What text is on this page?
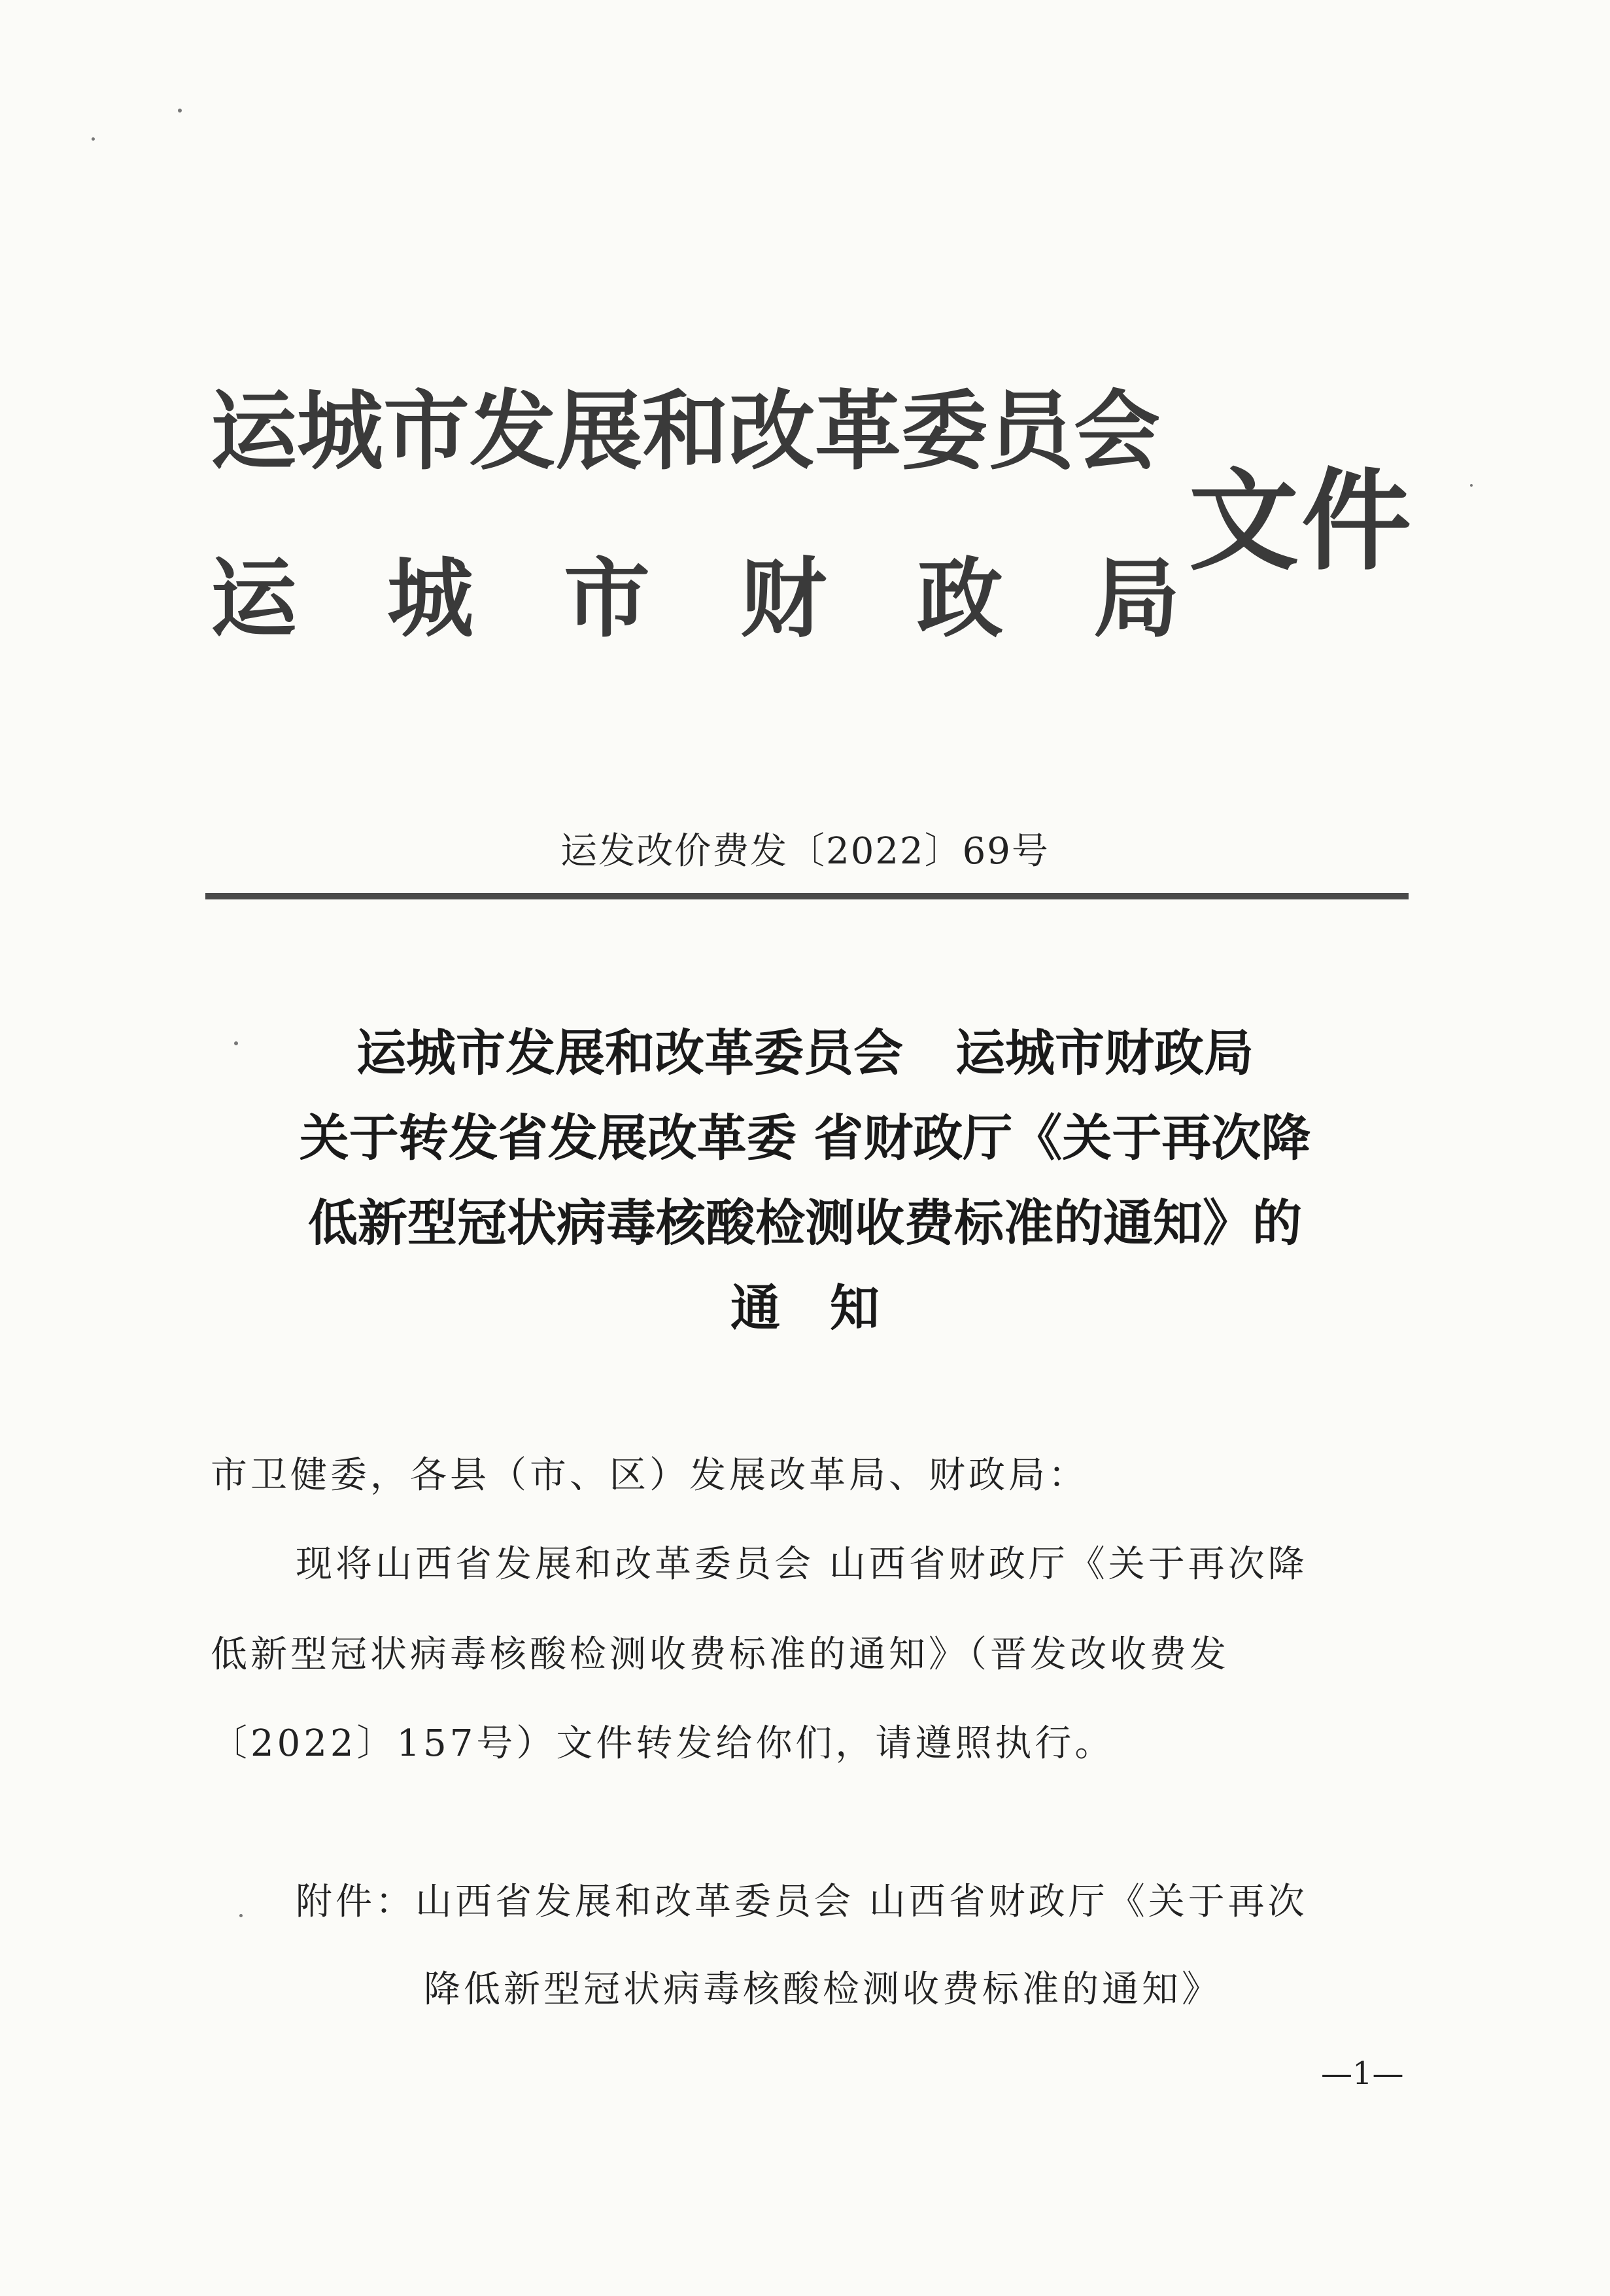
运城市发展和改革委员会
运城市财政局
文件
运发改价费发〔2022〕69号
运城市发展和改革委员会 运城市财政局
关于转发省发展改革委 省财政厅《关于再次降
低新型冠状病毒核酸检测收费标准的通知》的
通　知
市卫健委，各县（市、区）发展改革局、财政局：
现将山西省发展和改革委员会 山西省财政厅《关于再次降
低新型冠状病毒核酸检测收费标准的通知》（晋发改收费发
〔2022〕157号）文件转发给你们，请遵照执行。
附件：山西省发展和改革委员会 山西省财政厅《关于再次
降低新型冠状病毒核酸检测收费标准的通知》
—1—
